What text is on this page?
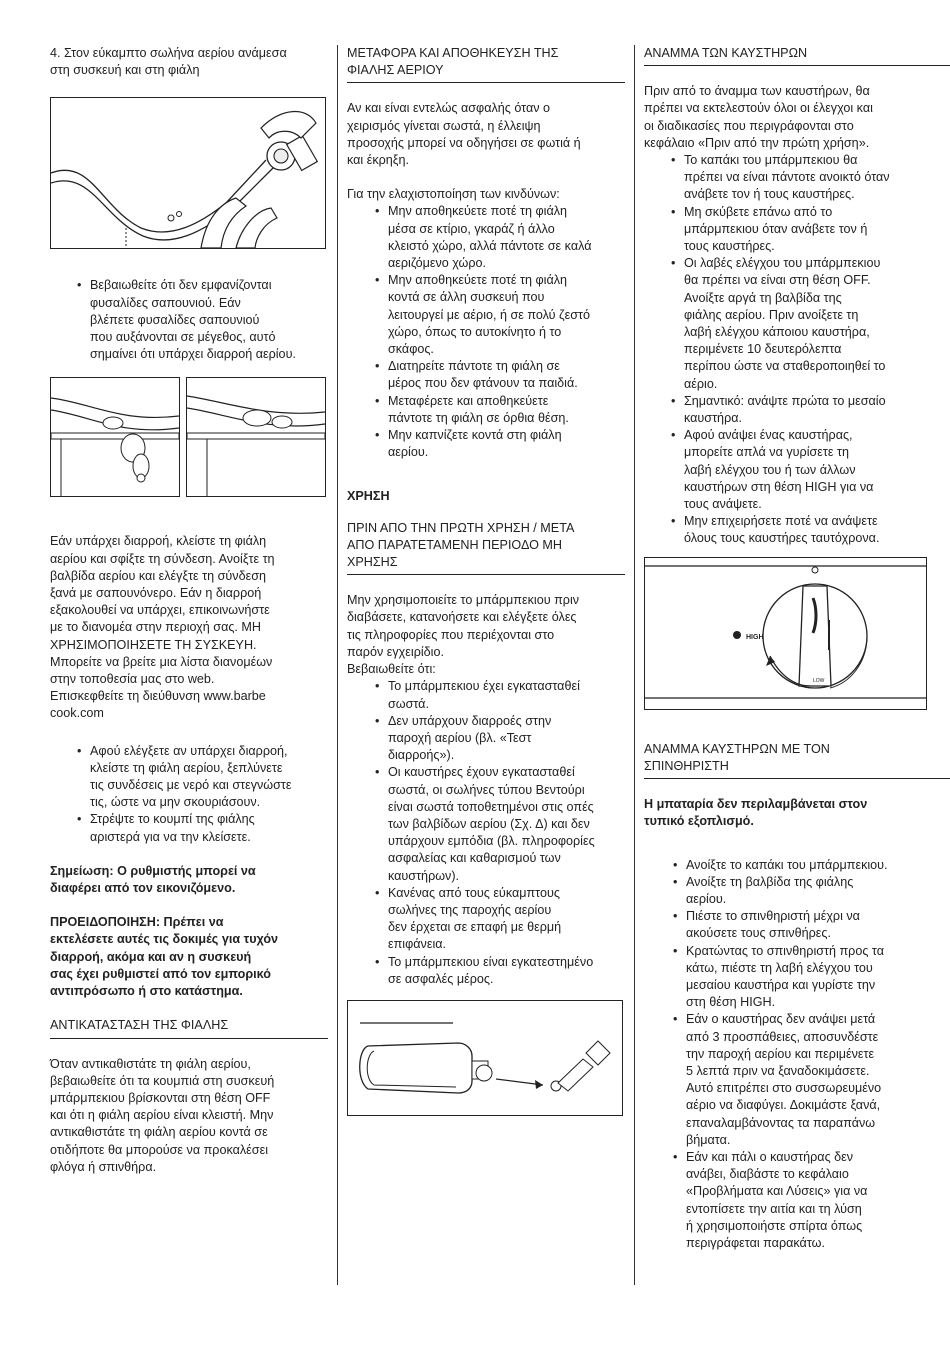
4. Στον εύκαμπτο σωλήνα αερίου ανάμεσα
στη συσκευή και στη φιάλη

• Βεβαιωθείτε ότι δεν εμφανίζονται
φυσαλίδες σαπουνιού. Εάν
βλέπετε φυσαλίδες σαπουνιού
που αυξάνονται σε μέγεθος, αυτό
σημαίνει ότι υπάρχει διαρροή αερίου.

Εάν υπάρχει διαρροή, κλείστε τη φιάλη
αερίου και σφίξτε τη σύνδεση. Ανοίξτε τη
βαλβίδα αερίου και ελέγξτε τη σύνδεση
ξανά με σαπουνόνερο. Εάν η διαρροή
εξακολουθεί να υπάρχει, επικοινωνήστε
με το διανομέα στην περιοχή σας. ΜΗ
ΧΡΗΣΙΜΟΠΟΙΗΣΕΤΕ ΤΗ ΣΥΣΚΕΥΗ.
Μπορείτε να βρείτε μια λίστα διανομέων
στην τοποθεσία μας στο web.
Επισκεφθείτε τη διεύθυνση www.barbe
cook.com

• Αφού ελέγξετε αν υπάρχει διαρροή,
κλείστε τη φιάλη αερίου, ξεπλύνετε
τις συνδέσεις με νερό και στεγνώστε
τις, ώστε να μην σκουριάσουν.
• Στρέψτε το κουμπί της φιάλης
αριστερά για να την κλείσετε.

Σημείωση: Ο ρυθμιστής μπορεί να
διαφέρει από τον εικονιζόμενο.

ΠΡΟΕΙΔΟΠΟΙΗΣΗ: Πρέπει να
εκτελέσετε αυτές τις δοκιμές για τυχόν
διαρροή, ακόμα και αν η συσκευή
σας έχει ρυθμιστεί από τον εμπορικό
αντιπρόσωπο ή στο κατάστημα.

ΑΝΤΙΚΑΤΑΣΤΑΣΗ ΤΗΣ ΦΙΑΛΗΣ

Όταν αντικαθιστάτε τη φιάλη αερίου,
βεβαιωθείτε ότι τα κουμπιά στη συσκευή
μπάρμπεκιου βρίσκονται στη θέση OFF
και ότι η φιάλη αερίου είναι κλειστή. Μην
αντικαθιστάτε τη φιάλη αερίου κοντά σε
οτιδήποτε θα μπορούσε να προκαλέσει
φλόγα ή σπινθήρα.

ΜΕΤΑΦΟΡΑ ΚΑΙ ΑΠΟΘΗΚΕΥΣΗ ΤΗΣ
ΦΙΑΛΗΣ ΑΕΡΙΟΥ

Αν και είναι εντελώς ασφαλής όταν ο
χειρισμός γίνεται σωστά, η έλλειψη
προσοχής μπορεί να οδηγήσει σε φωτιά ή
και έκρηξη.

Για την ελαχιστοποίηση των κινδύνων:

• Μην αποθηκεύετε ποτέ τη φιάλη
μέσα σε κτίριο, γκαράζ ή άλλο
κλειστό χώρο, αλλά πάντοτε σε καλά
αεριζόμενο χώρο.
• Μην αποθηκεύετε ποτέ τη φιάλη
κοντά σε άλλη συσκευή που
λειτουργεί με αέριο, ή σε πολύ ζεστό
χώρο, όπως το αυτοκίνητο ή το
σκάφος.
• Διατηρείτε πάντοτε τη φιάλη σε
μέρος που δεν φτάνουν τα παιδιά.
• Μεταφέρετε και αποθηκεύετε
πάντοτε τη φιάλη σε όρθια θέση.
• Μην καπνίζετε κοντά στη φιάλη
αερίου.

ΧΡΗΣΗ

ΠΡΙΝ ΑΠΟ ΤΗΝ ΠΡΩΤΗ ΧΡΗΣΗ / ΜΕΤΑ
ΑΠΟ ΠΑΡΑΤΕΤΑΜΕΝΗ ΠΕΡΙΟΔΟ ΜΗ
ΧΡΗΣΗΣ

Μην χρησιμοποιείτε το μπάρμπεκιου πριν
διαβάσετε, κατανοήσετε και ελέγξετε όλες
τις πληροφορίες που περιέχονται στο
παρόν εγχειρίδιο.
Βεβαιωθείτε ότι:

• Το μπάρμπεκιου έχει εγκατασταθεί
σωστά.
• Δεν υπάρχουν διαρροές στην
παροχή αερίου (βλ. «Τεστ
διαρροής»).
• Οι καυστήρες έχουν εγκατασταθεί
σωστά, οι σωλήνες τύπου Βεντούρι
είναι σωστά τοποθετημένοι στις οπές
των βαλβίδων αερίου (Σχ. Δ) και δεν
υπάρχουν εμπόδια (βλ. πληροφορίες
ασφαλείας και καθαρισμού των
καυστήρων).
• Κανένας από τους εύκαμπτους
σωλήνες της παροχής αερίου
δεν έρχεται σε επαφή με θερμή
επιφάνεια.
• Το μπάρμπεκιου είναι εγκατεστημένο
σε ασφαλές μέρος.

ΑΝΑΜΜΑ ΤΩΝ ΚΑΥΣΤΗΡΩΝ

Πριν από το άναμμα των καυστήρων, θα
πρέπει να εκτελεστούν όλοι οι έλεγχοι και
οι διαδικασίες που περιγράφονται στο
κεφάλαιο «Πριν από την πρώτη χρήση».

• Το καπάκι του μπάρμπεκιου θα
πρέπει να είναι πάντοτε ανοικτό όταν
ανάβετε τον ή τους καυστήρες.
• Μη σκύβετε επάνω από το
μπάρμπεκιου όταν ανάβετε τον ή
τους καυστήρες.
• Οι λαβές ελέγχου του μπάρμπεκιου
θα πρέπει να είναι στη θέση OFF.
Ανοίξτε αργά τη βαλβίδα της
φιάλης αερίου. Πριν ανοίξετε τη
λαβή ελέγχου κάποιου καυστήρα,
περιμένετε 10 δευτερόλεπτα
περίπου ώστε να σταθεροποιηθεί το
αέριο.
• Σημαντικό: ανάψτε πρώτα το μεσαίο
καυστήρα.
• Αφού ανάψει ένας καυστήρας,
μπορείτε απλά να γυρίσετε τη
λαβή ελέγχου του ή των άλλων
καυστήρων στη θέση HIGH για να
τους ανάψετε.
• Μην επιχειρήσετε ποτέ να ανάψετε
όλους τους καυστήρες ταυτόχρονα.
HIGH
LOW

ΑΝΑΜΜΑ ΚΑΥΣΤΗΡΩΝ ΜΕ ΤΟΝ
ΣΠΙΝΘΗΡΙΣΤΗ

Η μπαταρία δεν περιλαμβάνεται στον
τυπικό εξοπλισμό.

• Ανοίξτε το καπάκι του μπάρμπεκιου.
• Ανοίξτε τη βαλβίδα της φιάλης
αερίου.
• Πιέστε το σπινθηριστή μέχρι να
ακούσετε τους σπινθήρες.
• Κρατώντας το σπινθηριστή προς τα
κάτω, πιέστε τη λαβή ελέγχου του
μεσαίου καυστήρα και γυρίστε την
στη θέση HIGH.
• Εάν ο καυστήρας δεν ανάψει μετά
από 3 προσπάθειες, αποσυνδέστε
την παροχή αερίου και περιμένετε
5 λεπτά πριν να ξαναδοκιμάσετε.
Αυτό επιτρέπει στο συσσωρευμένο
αέριο να διαφύγει. Δοκιμάστε ξανά,
επαναλαμβάνοντας τα παραπάνω
βήματα.
• Εάν και πάλι ο καυστήρας δεν
ανάβει, διαβάστε το κεφάλαιο
«Προβλήματα και Λύσεις» για να
εντοπίσετε την αιτία και τη λύση
ή χρησιμοποιήστε σπίρτα όπως
περιγράφεται παρακάτω.
